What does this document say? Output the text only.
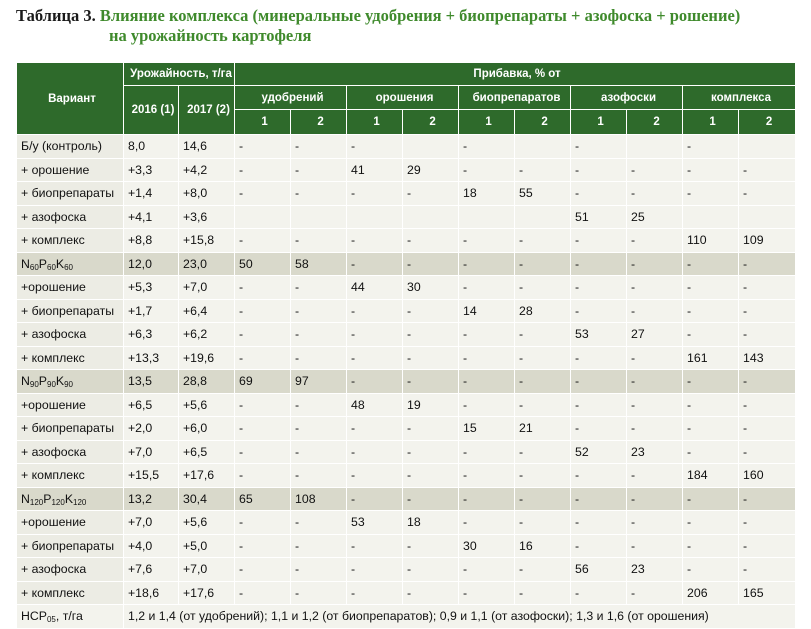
Таблица 3. Влияние комплекса (минеральные удобрения + биопрепараты + азофоска + рошение)
на урожайность картофеля
Вариант	Урожайность, т/га		Прибавка, % от									
	2016 (1)	2017 (2)	удобрений		орошения		биопрепаратов		азофоски		комплекса	
			1	2	1	2	1	2	1	2	1	2
Б/у (контроль)	8,0	14,6	-	-	-		-		-		-	
+ орошение	+3,3	+4,2	-	-	41	29	-	-	-	-	-	-
+ биопрепараты	+1,4	+8,0	-	-	-	-	18	55	-	-	-	-
+ азофоска	+4,1	+3,6							51	25		
+ комплекс	+8,8	+15,8	-	-	-	-	-	-	-	-	110	109
$N_{60}P_{60}K_{60}$	12,0	23,0	50	58	-	-	-	-	-	-	-	-
+орошение	+5,3	+7,0	-	-	44	30	-	-	-	-	-	-
+ биопрепараты	+1,7	+6,4	-	-	-	-	14	28	-	-	-	-
+ азофоска	+6,3	+6,2	-	-	-	-	-	-	53	27	-	-
+ комплекс	+13,3	+19,6	-	-	-	-	-	-	-	-	161	143
$N_{90}P_{90}K_{90}$	13,5	28,8	69	97	-	-	-	-	-	-	-	-
+орошение	+6,5	+5,6	-	-	48	19	-	-	-	-	-	-
+ биопрепараты	+2,0	+6,0	-	-	-	-	15	21	-	-	-	-
+ азофоска	+7,0	+6,5	-	-	-	-	-	-	52	23	-	-
+ комплекс	+15,5	+17,6	-	-	-	-	-	-	-	-	184	160
$N_{120}P_{120}K_{120}$	13,2	30,4	65	108	-	-	-	-	-	-	-	-
+орошение	+7,0	+5,6	-	-	53	18	-	-	-	-	-	-
+ биопрепараты	+4,0	+5,0	-	-	-	-	30	16	-	-	-	-
+ азофоска	+7,6	+7,0	-	-	-	-	-	-	56	23	-	-
+ комплекс	+18,6	+17,6	-	-	-	-	-	-	-	-	206	165
$НСР_{05}$, т/га	1,2 и 1,4 (от удобрений); 1,1 и 1,2 (от биопрепаратов); 0,9 и 1,1 (от азофоски); 1,3 и 1,6 (от орошения)											
